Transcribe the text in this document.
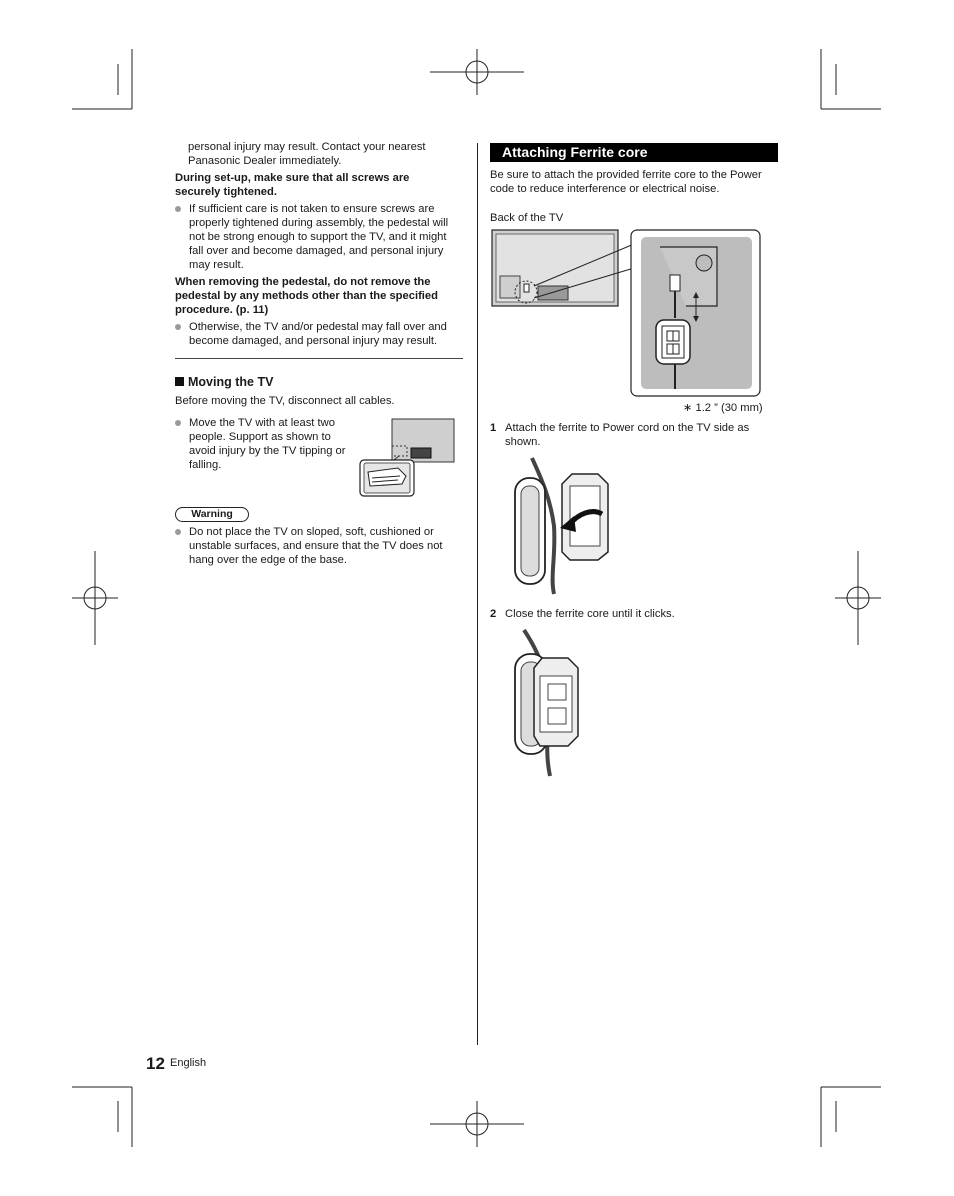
personal injury may result. Contact your nearest Panasonic Dealer immediately.
During set-up, make sure that all screws are securely tightened.
If sufficient care is not taken to ensure screws are properly tightened during assembly, the pedestal will not be strong enough to support the TV, and it might fall over and become damaged, and personal injury may result.
When removing the pedestal, do not remove the pedestal by any methods other than the specified procedure. (p. 11)
Otherwise, the TV and/or pedestal may fall over and become damaged, and personal injury may result.
Moving the TV
Before moving the TV, disconnect all cables.
Move the TV with at least two people. Support as shown to avoid injury by the TV tipping or falling.
Warning
Do not place the TV on sloped, soft, cushioned or unstable surfaces, and ensure that the TV does not hang over the edge of the base.
Attaching Ferrite core
Be sure to attach the provided ferrite core to the Power code to reduce interference or electrical noise.
Back of the TV
∗ 1.2 ” (30 mm)
1 Attach the ferrite to Power cord on the TV side as shown.
2 Close the ferrite core until it clicks.
12 English
